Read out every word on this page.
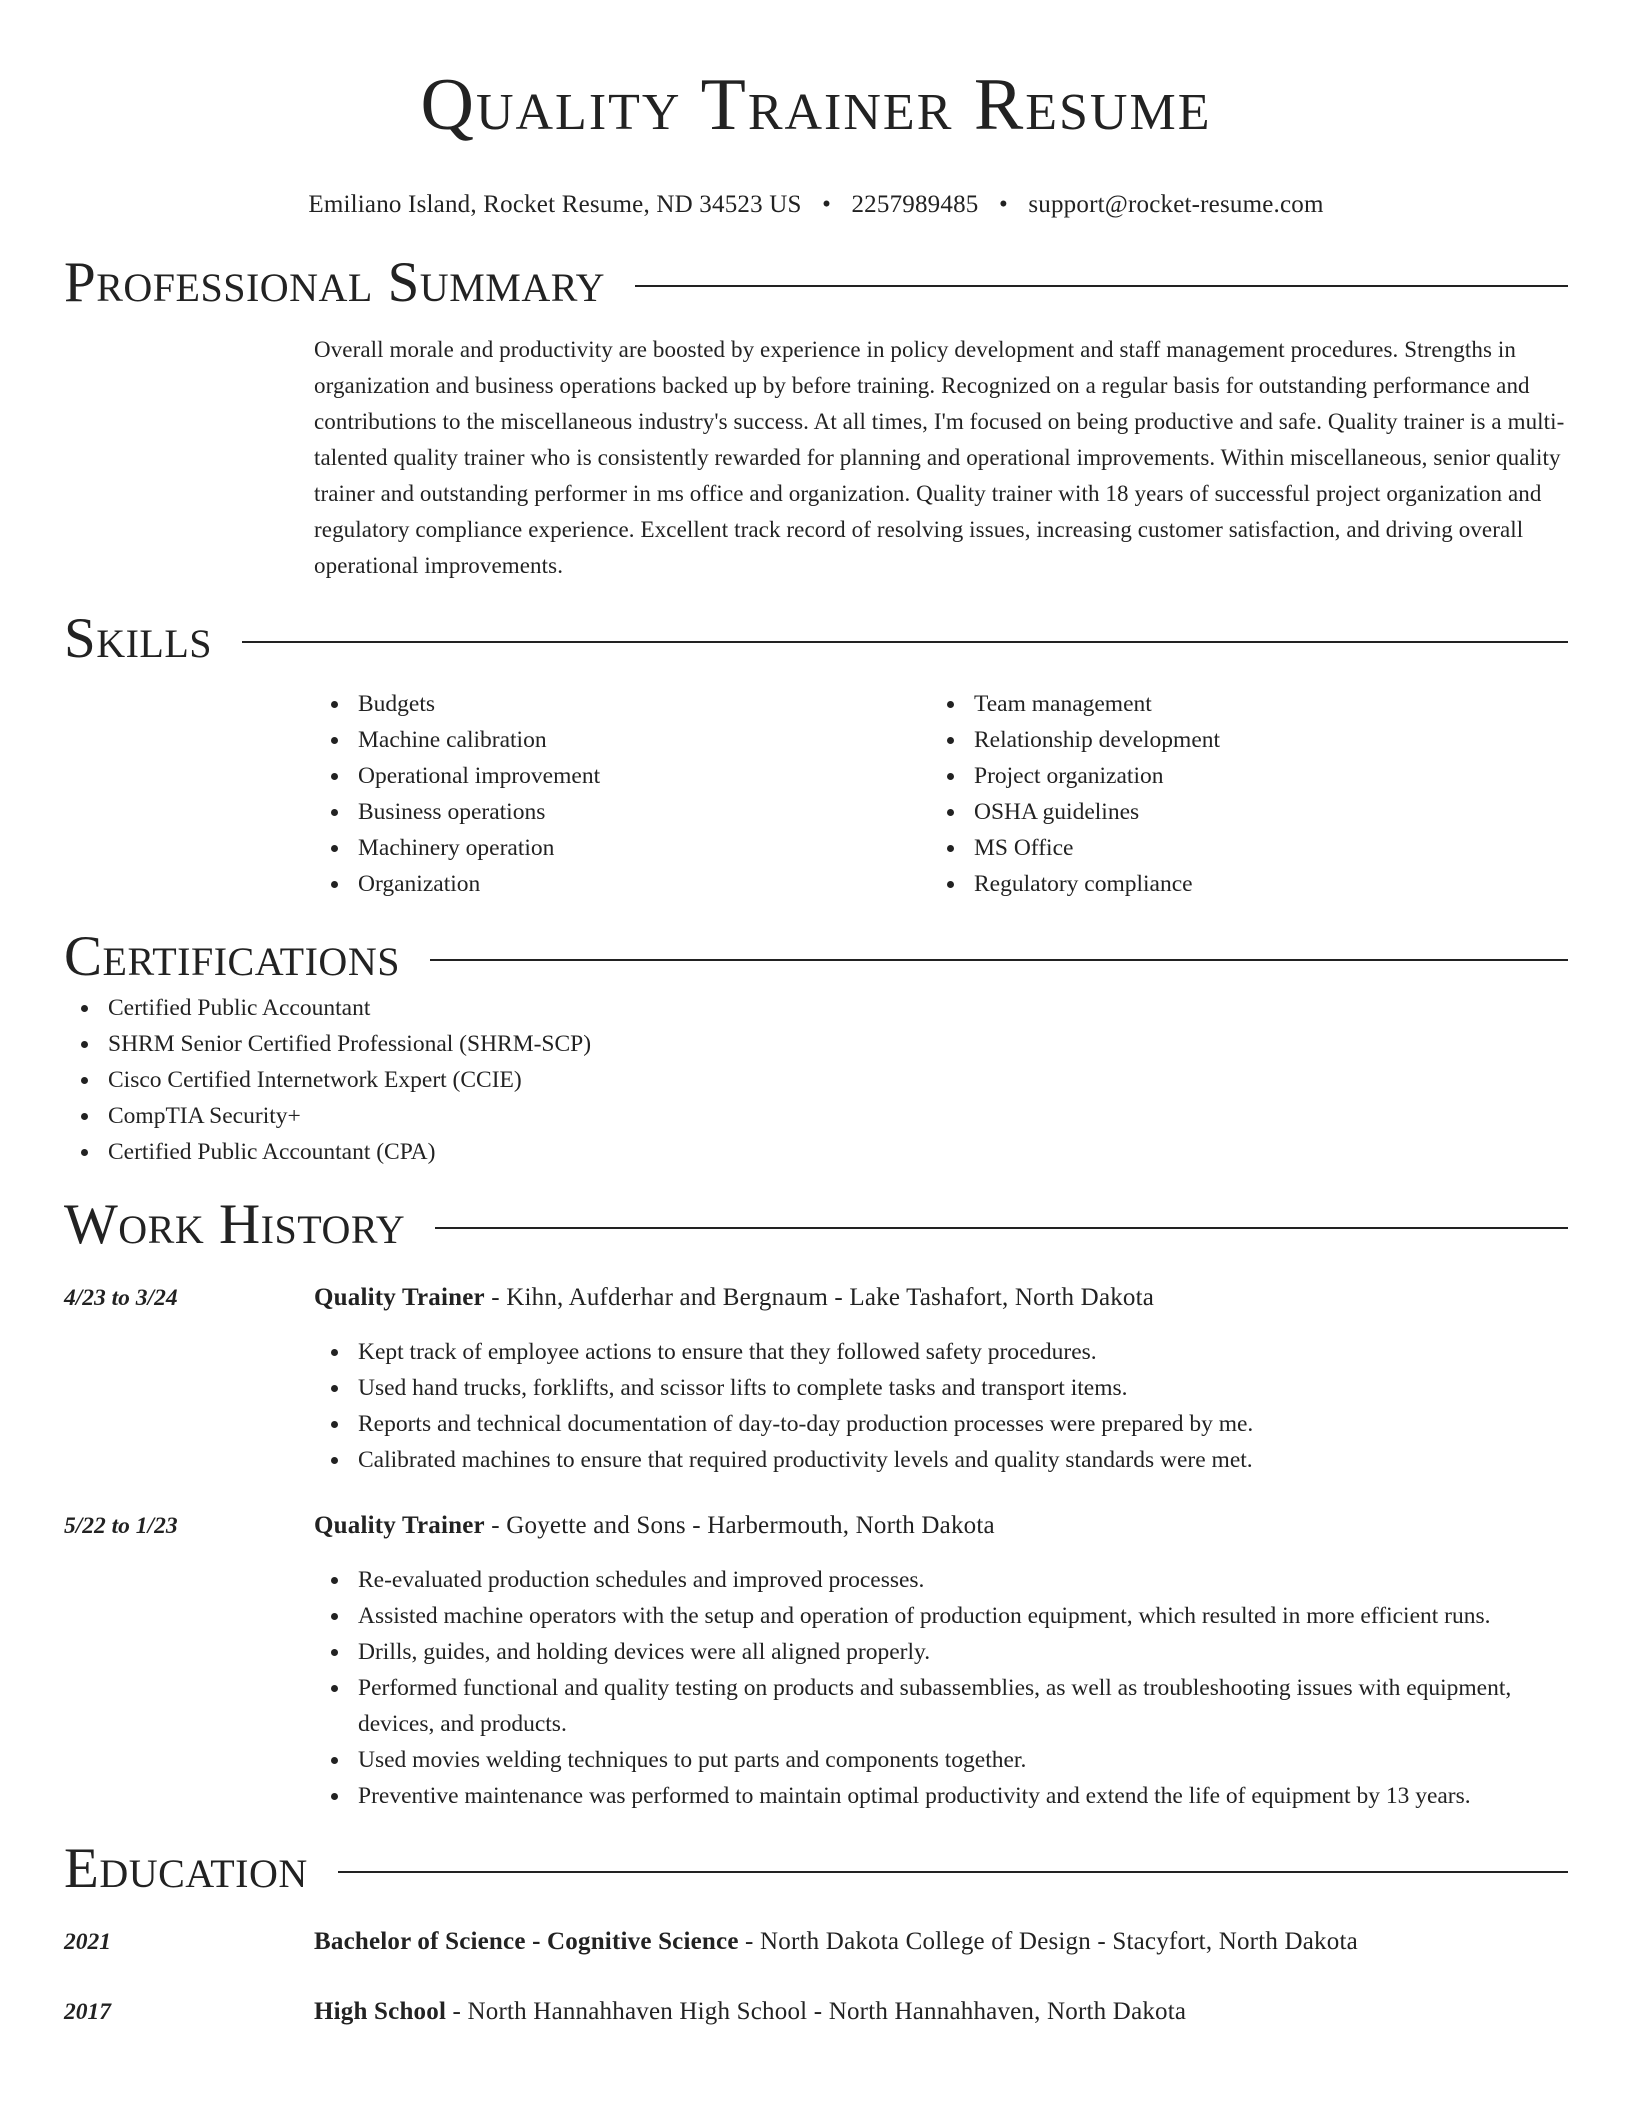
Quality Trainer Resume
Emiliano Island, Rocket Resume, ND 34523 US • 2257989485 • support@rocket-resume.com
Professional Summary
Overall morale and productivity are boosted by experience in policy development and staff management procedures. Strengths in organization and business operations backed up by before training. Recognized on a regular basis for outstanding performance and contributions to the miscellaneous industry's success. At all times, I'm focused on being productive and safe. Quality trainer is a multi-talented quality trainer who is consistently rewarded for planning and operational improvements. Within miscellaneous, senior quality trainer and outstanding performer in ms office and organization. Quality trainer with 18 years of successful project organization and regulatory compliance experience. Excellent track record of resolving issues, increasing customer satisfaction, and driving overall operational improvements.
Skills
Budgets
Machine calibration
Operational improvement
Business operations
Machinery operation
Organization
Team management
Relationship development
Project organization
OSHA guidelines
MS Office
Regulatory compliance
Certifications
Certified Public Accountant
SHRM Senior Certified Professional (SHRM-SCP)
Cisco Certified Internetwork Expert (CCIE)
CompTIA Security+
Certified Public Accountant (CPA)
Work History
4/23 to 3/24	Quality Trainer - Kihn, Aufderhar and Bergnaum - Lake Tashafort, North Dakota
Kept track of employee actions to ensure that they followed safety procedures.
Used hand trucks, forklifts, and scissor lifts to complete tasks and transport items.
Reports and technical documentation of day-to-day production processes were prepared by me.
Calibrated machines to ensure that required productivity levels and quality standards were met.
5/22 to 1/23	Quality Trainer - Goyette and Sons - Harbermouth, North Dakota
Re-evaluated production schedules and improved processes.
Assisted machine operators with the setup and operation of production equipment, which resulted in more efficient runs.
Drills, guides, and holding devices were all aligned properly.
Performed functional and quality testing on products and subassemblies, as well as troubleshooting issues with equipment, devices, and products.
Used movies welding techniques to put parts and components together.
Preventive maintenance was performed to maintain optimal productivity and extend the life of equipment by 13 years.
Education
2021	Bachelor of Science - Cognitive Science - North Dakota College of Design - Stacyfort, North Dakota
2017	High School - North Hannahhaven High School - North Hannahhaven, North Dakota
